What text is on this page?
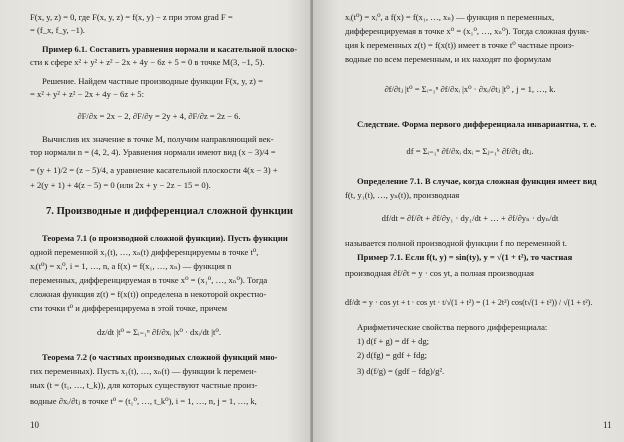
F(x, y, z) = 0, где F(x, y, z) = f(x, y) − z при этом grad F =
= (f_x, f_y, −1).
Пример 6.1. Составить уравнения нормали и касательной плоско-
сти к сфере x² + y² + z² − 2x + 4y − 6z + 5 = 0 в точке M(3, −1, 5).
Решение. Найдем частные производные функции F(x, y, z) =
= x² + y² + z² − 2x + 4y − 6z + 5:
∂F/∂x = 2x − 2, ∂F/∂y = 2y + 4, ∂F/∂z = 2z − 6.
Вычислив их значение в точке M, получим направляющий век-
тор нормали n = (4, 2, 4). Уравнения нормали имеют вид (x − 3)/4 =
= (y + 1)/2 = (z − 5)/4, а уравнение касательной плоскости 4(x − 3) +
+ 2(y + 1) + 4(z − 5) = 0 (или 2x + y − 2z − 15 = 0).
7. Производные и дифференциал сложной функции
Теорема 7.1 (о производной сложной функции). Пусть функции
одной переменной x₁(t), …, xₙ(t) дифференцируемы в точке t⁰,
xᵢ(t⁰) = xᵢ⁰, i = 1, …, n, а f(x) = f(x₁, …, xₙ) — функция n
переменных, дифференцируемая в точке x⁰ = (x₁⁰, …, xₙ⁰). Тогда
сложная функция z(t) = f(x(t)) определена в некоторой окрестно-
сти точки t⁰ и дифференцируема в этой точке, причем
dz/dt |t⁰ = Σᵢ₌₁ⁿ ∂f/∂xᵢ |x⁰ · dxᵢ/dt |t⁰.
Теорема 7.2 (о частных производных сложной функций мно-
гих переменных). Пусть x₁(t), …, xₙ(t) — функции k перемен-
ных (t = (t₁, …, t_k)), для которых существуют частные произ-
водные ∂xᵢ/∂tⱼ в точке t⁰ = (t₁⁰, …, t_k⁰), i = 1, …, n, j = 1, …, k,
10
xᵢ(t⁰) = xᵢ⁰, а f(x) = f(x₁, …, xₙ) — функция n переменных,
дифференцируемая в точке x⁰ = (x₁⁰, …, xₙ⁰). Тогда сложная функ-
ция k переменных z(t) = f(x(t)) имеет в точке t⁰ частные произ-
водные по всем переменным, и их находят по формулам
∂f/∂tⱼ |t⁰ = Σᵢ₌₁ⁿ ∂f/∂xᵢ |x⁰ · ∂xᵢ/∂tⱼ |t⁰ , j = 1, …, k.
Следствие. Форма первого дифференциала инвариантна, т. е.
df = Σᵢ₌₁ⁿ ∂f/∂xᵢ dxᵢ = Σⱼ₌₁ᵏ ∂f/∂tⱼ dtⱼ.
Определение 7.1. В случае, когда сложная функция имеет вид
f(t, y₁(t), …, yₙ(t)), производная
df/dt = ∂f/∂t + ∂f/∂y₁ · dy₁/dt + … + ∂f/∂yₙ · dyₙ/dt
называется полной производной функции f по переменной t.
Пример 7.1. Если f(t, y) = sin(ty), y = √(1 + t²), то частная
производная ∂f/∂t = y · cos yt, а полная производная
df/dt = y · cos yt + t · cos yt · t/√(1 + t²) = (1 + 2t²) cos(t√(1 + t²)) / √(1 + t²).
Арифметические свойства первого дифференциала:
1) d(f + g) = df + dg;
2) d(fg) = gdf + fdg;
3) d(f/g) = (gdf − fdg)/g².
11
